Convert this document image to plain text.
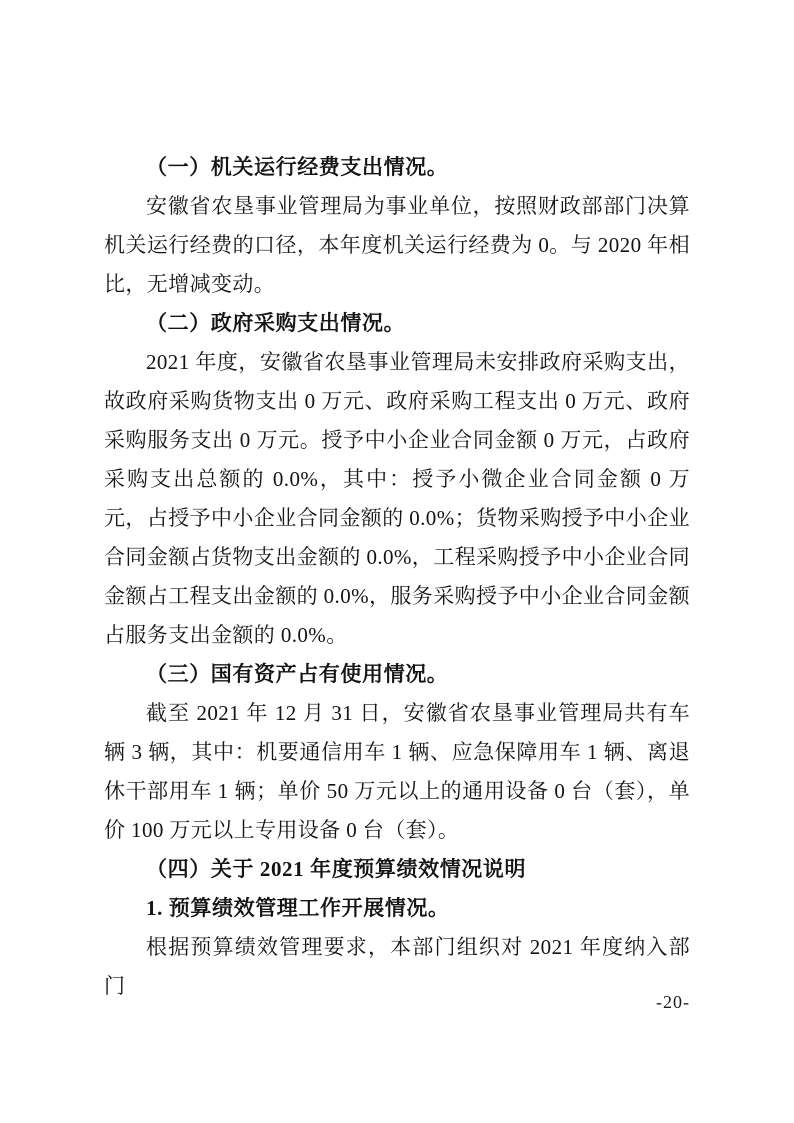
（一）机关运行经费支出情况。

安徽省农垦事业管理局为事业单位，按照财政部部门决算机关运行经费的口径，本年度机关运行经费为 0。与 2020 年相比，无增减变动。

（二）政府采购支出情况。

2021 年度，安徽省农垦事业管理局未安排政府采购支出，故政府采购货物支出 0 万元、政府采购工程支出 0 万元、政府采购服务支出 0 万元。授予中小企业合同金额 0 万元，占政府采购支出总额的 0.0%，其中：授予小微企业合同金额 0 万元，占授予中小企业合同金额的 0.0%；货物采购授予中小企业合同金额占货物支出金额的 0.0%，工程采购授予中小企业合同金额占工程支出金额的 0.0%，服务采购授予中小企业合同金额占服务支出金额的 0.0%。

（三）国有资产占有使用情况。

截至 2021 年 12 月 31 日，安徽省农垦事业管理局共有车辆 3 辆，其中：机要通信用车 1 辆、应急保障用车 1 辆、离退休干部用车 1 辆；单价 50 万元以上的通用设备 0 台（套），单价 100 万元以上专用设备 0 台（套）。

（四）关于 2021 年度预算绩效情况说明
1. 预算绩效管理工作开展情况。

根据预算绩效管理要求，本部门组织对 2021 年度纳入部门

-20-
